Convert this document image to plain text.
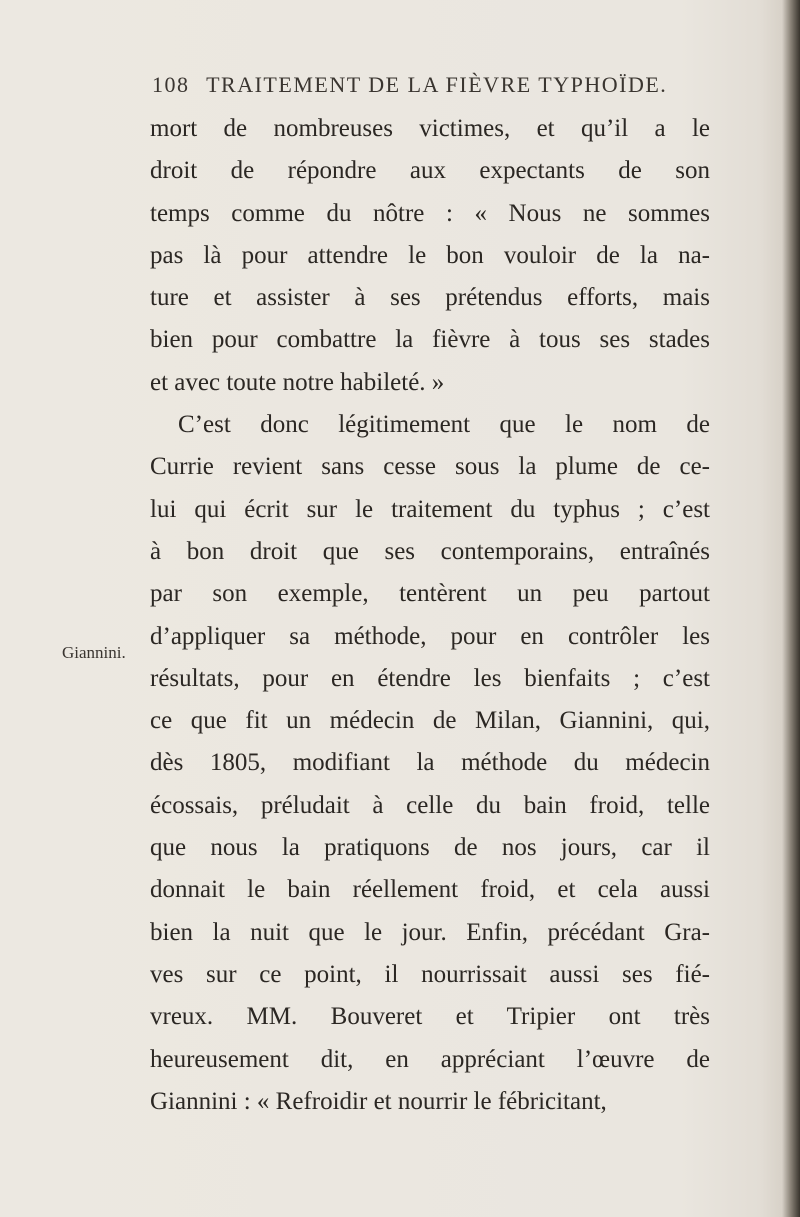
108 TRAITEMENT DE LA FIÈVRE TYPHOÏDE.
Giannini.
mort de nombreuses victimes, et qu’il a le
droit de répondre aux expectants de son
temps comme du nôtre : « Nous ne sommes
pas là pour attendre le bon vouloir de la na-
ture et assister à ses prétendus efforts, mais
bien pour combattre la fièvre à tous ses stades
et avec toute notre habileté. »
C’est donc légitimement que le nom de
Currie revient sans cesse sous la plume de ce-
lui qui écrit sur le traitement du typhus ; c’est
à bon droit que ses contemporains, entraînés
par son exemple, tentèrent un peu partout
d’appliquer sa méthode, pour en contrôler les
résultats, pour en étendre les bienfaits ; c’est
ce que fit un médecin de Milan, Giannini, qui,
dès 1805, modifiant la méthode du médecin
écossais, préludait à celle du bain froid, telle
que nous la pratiquons de nos jours, car il
donnait le bain réellement froid, et cela aussi
bien la nuit que le jour. Enfin, précédant Gra-
ves sur ce point, il nourrissait aussi ses fié-
vreux. MM. Bouveret et Tripier ont très
heureusement dit, en appréciant l’œuvre de
Giannini : « Refroidir et nourrir le fébricitant,
